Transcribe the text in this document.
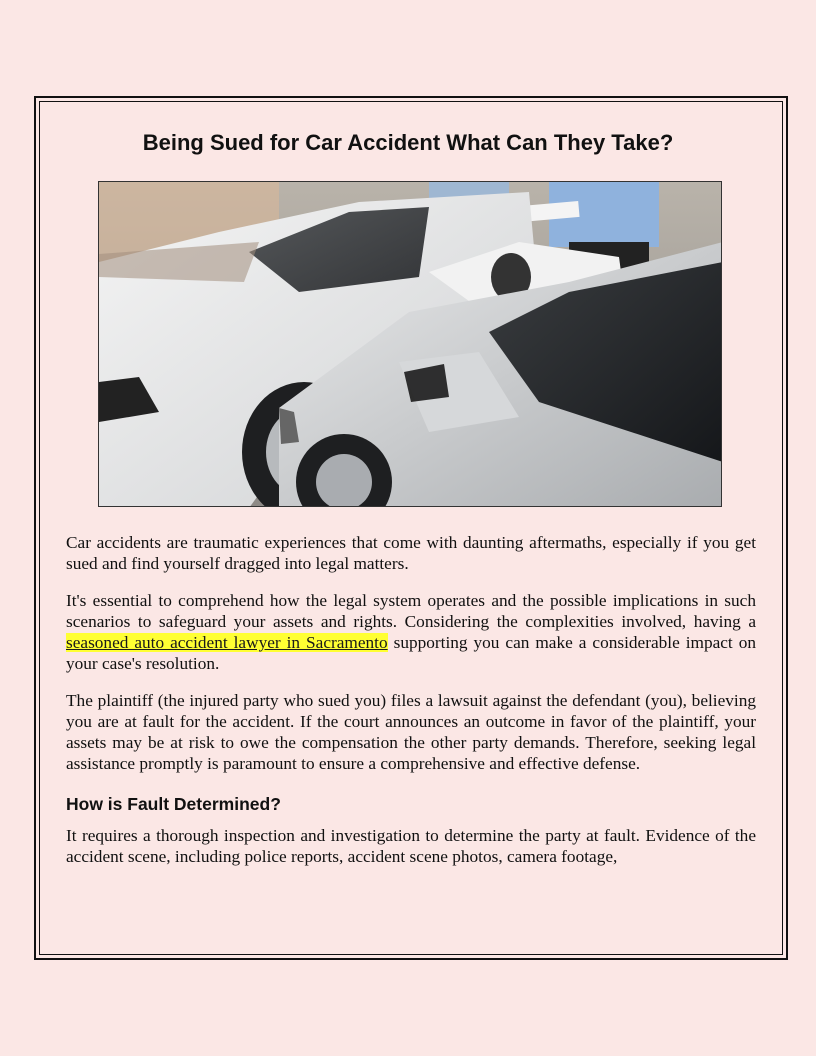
Being Sued for Car Accident What Can They Take?

Car accidents are traumatic experiences that come with daunting aftermaths, especially if you get sued and find yourself dragged into legal matters.

It's essential to comprehend how the legal system operates and the possible implications in such scenarios to safeguard your assets and rights. Considering the complexities involved, having a seasoned auto accident lawyer in Sacramento supporting you can make a considerable impact on your case's resolution.

The plaintiff (the injured party who sued you) files a lawsuit against the defendant (you), believing you are at fault for the accident. If the court announces an outcome in favor of the plaintiff, your assets may be at risk to owe the compensation the other party demands. Therefore, seeking legal assistance promptly is paramount to ensure a comprehensive and effective defense.

How is Fault Determined?

It requires a thorough inspection and investigation to determine the party at fault. Evidence of the accident scene, including police reports, accident scene photos, camera footage,
